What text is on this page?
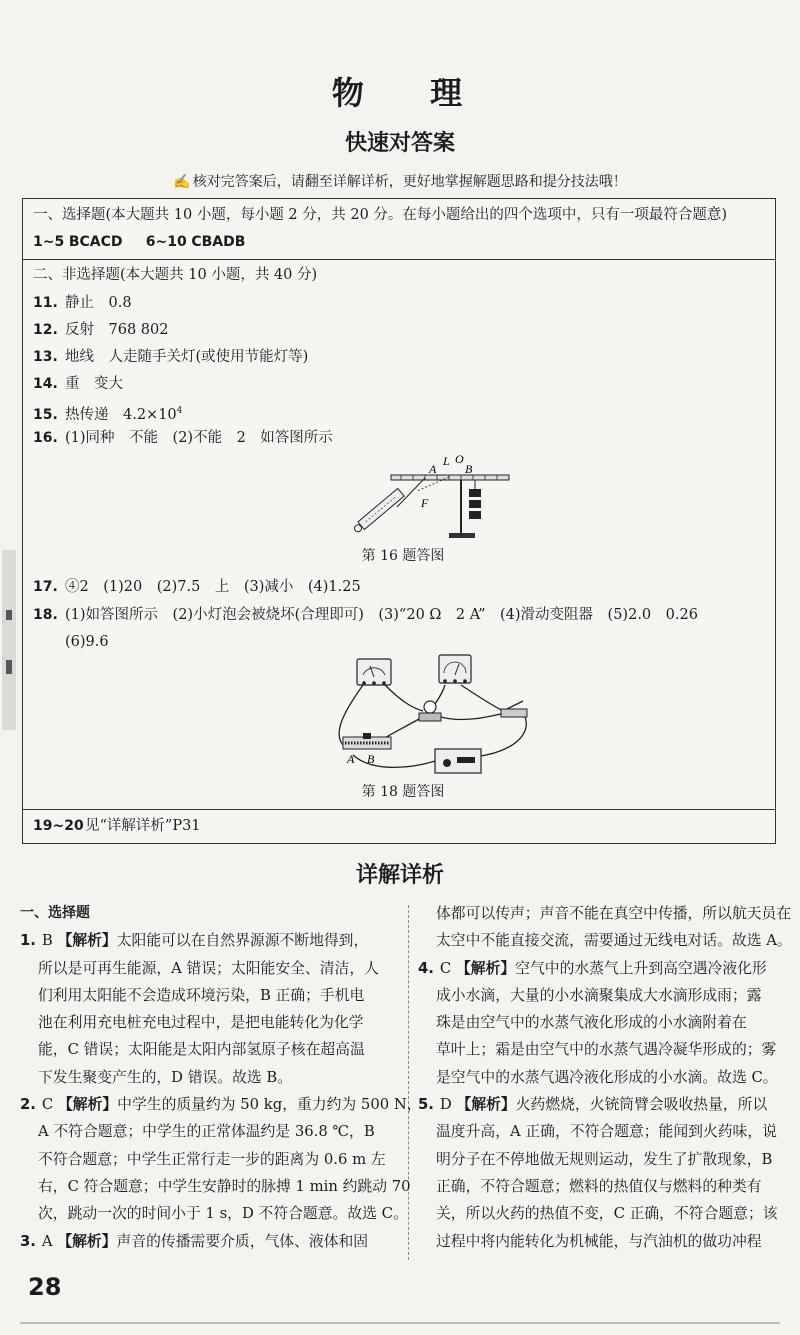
物 理
快速对答案
✍ 核对完答案后，请翻至详解详析，更好地掌握解题思路和提分技法哦！
一、选择题(本大题共 10 小题，每小题 2 分，共 20 分。在每小题给出的四个选项中，只有一项最符合题意)
1~5 BCACD 6~10 CBADB
二、非选择题(本大题共 10 小题，共 40 分)
11. 静止　0.8
12. 反射　768 802
13. 地线　人走随手关灯(或使用节能灯等)
14. 重　变大
15. 热传递　$4.2\times 10^4$
16. (1)同种　不能　(2)不能　2　如答图所示
L O
A B
F
第 16 题答图
17. ④2　(1)20　(2)7.5　上　(3)减小　(4)1.25
18. (1)如答图所示　(2)小灯泡会被烧坏(合理即可)　(3)“20 Ω　2 A”　(4)滑动变阻器　(5)2.0　0.26
(6)9.6
A B
第 18 题答图
19~20见“详解详析”P31
详解详析
一、选择题
1. B 【解析】太阳能可以在自然界源源不断地得到，
所以是可再生能源，A 错误；太阳能安全、清洁，人
们利用太阳能不会造成环境污染，B 正确；手机电
池在利用充电桩充电过程中，是把电能转化为化学
能，C 错误；太阳能是太阳内部氢原子核在超高温
下发生聚变产生的，D 错误。故选 B。
2. C 【解析】中学生的质量约为 50 kg，重力约为 500 N，
A 不符合题意；中学生的正常体温约是 36.8 ℃，B
不符合题意；中学生正常行走一步的距离为 0.6 m 左
右，C 符合题意；中学生安静时的脉搏 1 min 约跳动 70
次，跳动一次的时间小于 1 s，D 不符合题意。故选 C。
3. A 【解析】声音的传播需要介质，气体、液体和固
体都可以传声；声音不能在真空中传播，所以航天员在
太空中不能直接交流，需要通过无线电对话。故选 A。
4. C 【解析】空气中的水蒸气上升到高空遇冷液化形
成小水滴，大量的小水滴聚集成大水滴形成雨；露
珠是由空气中的水蒸气液化形成的小水滴附着在
草叶上；霜是由空气中的水蒸气遇冷凝华形成的；雾
是空气中的水蒸气遇冷液化形成的小水滴。故选 C。
5. D 【解析】火药燃烧，火铳筒臂会吸收热量，所以
温度升高，A 正确，不符合题意；能闻到火药味，说
明分子在不停地做无规则运动，发生了扩散现象，B
正确，不符合题意；燃料的热值仅与燃料的种类有
关，所以火药的热值不变，C 正确，不符合题意；该
过程中将内能转化为机械能，与汽油机的做功冲程
28
